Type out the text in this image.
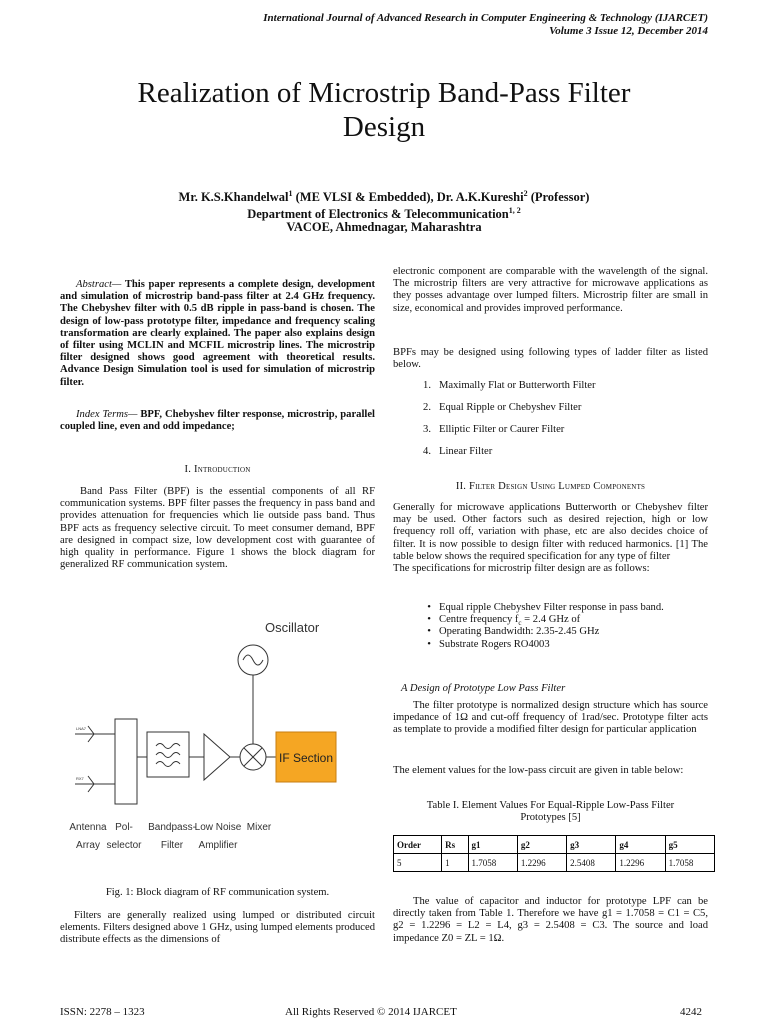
International Journal of Advanced Research in Computer Engineering & Technology (IJARCET)
Volume 3 Issue 12, December 2014
Realization of Microstrip Band-Pass Filter
Design
Mr. K.S.Khandelwal$^1$ (ME VLSI & Embedded), Dr. A.K.Kureshi$^2$ (Professor)
Department of Electronics & Telecommunication$^{1, 2}$
VACOE, Ahmednagar, Maharashtra

Abstract— This paper represents a complete design, development and simulation of microstrip band-pass filter at 2.4 GHz frequency. The Chebyshev filter with 0.5 dB ripple in pass-band is chosen. The design of low-pass prototype filter, impedance and frequency scaling transformation are clearly explained. The paper also explains design of filter using MCLIN and MCFIL microstrip lines. The microstrip filter designed shows good agreement with theoretical results. Advance Design Simulation tool is used for simulation of microstrip filter.

Index Terms— BPF, Chebyshev filter response, microstrip, parallel coupled line, even and odd impedance;

I. Introduction

Band Pass Filter (BPF) is the essential components of all RF communication systems. BPF filter passes the frequency in pass band and provides attenuation for frequencies which lie outside pass band. Thus BPF acts as frequency selective circuit. To meet consumer demand, BPF are designed in compact size, low development cost with guarantee of high quality in performance. Figure 1 shows the block diagram for generalized RF communication system.

LNA7
RX7
Oscillator
IF Section
Antenna
Array
Pol-
selector
Bandpass-
Filter
Low Noise
Amplifier
Mixer
Fig. 1: Block diagram of RF communication system.

Filters are generally realized using lumped or distributed circuit elements. Filters designed above 1 GHz, using lumped elements produced distribute effects as the dimensions of

electronic component are comparable with the wavelength of the signal. The microstrip filters are very attractive for microwave applications as they posses advantage over lumped filters. Microstrip filter are small in size, economical and provides improved performance.

BPFs may be designed using following types of ladder filter as listed below.

1. Maximally Flat or Butterworth Filter
2. Equal Ripple or Chebyshev Filter
3. Elliptic Filter or Caurer Filter
4. Linear Filter
II. Filter Design Using Lumped Components

Generally for microwave applications Butterworth or Chebyshev filter may be used. Other factors such as desired rejection, high or low frequency roll off, variation with phase, etc are also decides choice of filter. It is now possible to design filter with reduced harmonics. [1] The table below shows the required specification for any type of filter

The specifications for microstrip filter design are as follows:

• Equal ripple Chebyshev Filter response in pass band.
• Centre frequency $f_c = 2.4$ GHz of
• Operating Bandwidth: 2.35-2.45 GHz
• Substrate Rogers RO4003
A Design of Prototype Low Pass Filter

The filter prototype is normalized design structure which has source impedance of 1Ω and cut-off frequency of 1rad/sec. Prototype filter acts as template to provide a modified filter design for particular application

The element values for the low-pass circuit are given in table below:

Table I. Element Values For Equal-Ripple Low-Pass Filter
Prototypes [5]
Order	Rs	g1	g2	g3	g4	g5
5	1	1.7058	1.2296	2.5408	1.2296	1.7058

The value of capacitor and inductor for prototype LPF can be directly taken from Table 1. Therefore we have g1 = 1.7058 = C1 = C5, g2 = 1.2296 = L2 = L4, g3 = 2.5408 = C3. The source and load impedance Z0 = ZL = 1Ω.

ISSN: 2278 – 1323	All Rights Reserved © 2014 IJARCET	4242
